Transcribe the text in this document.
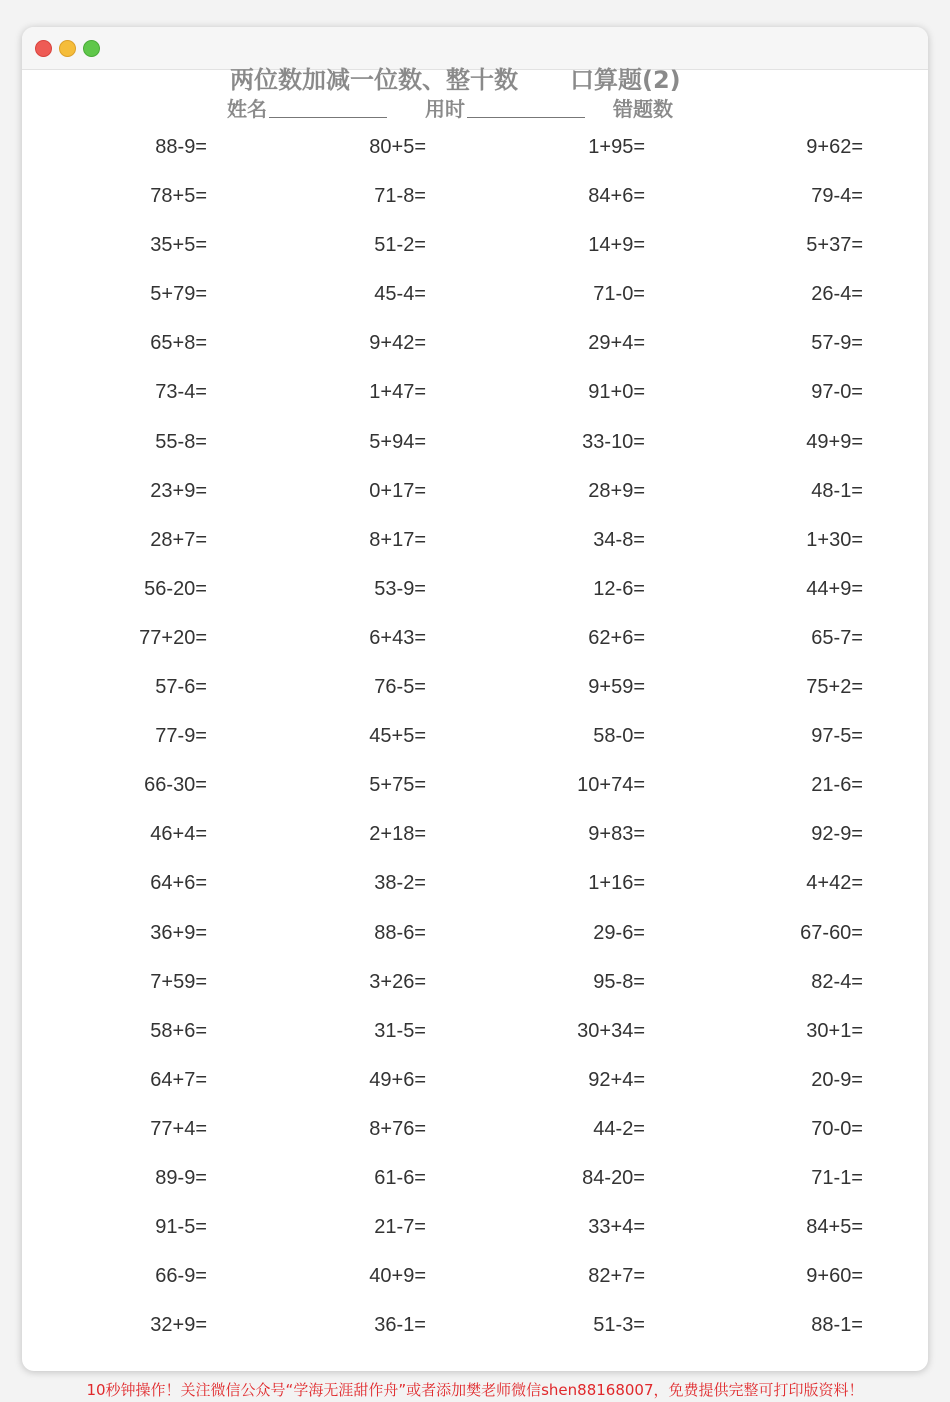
两位数加减一位数、整十数 口算题(2)
姓名	用时	错题数
88-9=	80+5=	1+95=	9+62=
78+5=	71-8=	84+6=	79-4=
35+5=	51-2=	14+9=	5+37=
5+79=	45-4=	71-0=	26-4=
65+8=	9+42=	29+4=	57-9=
73-4=	1+47=	91+0=	97-0=
55-8=	5+94=	33-10=	49+9=
23+9=	0+17=	28+9=	48-1=
28+7=	8+17=	34-8=	1+30=
56-20=	53-9=	12-6=	44+9=
77+20=	6+43=	62+6=	65-7=
57-6=	76-5=	9+59=	75+2=
77-9=	45+5=	58-0=	97-5=
66-30=	5+75=	10+74=	21-6=
46+4=	2+18=	9+83=	92-9=
64+6=	38-2=	1+16=	4+42=
36+9=	88-6=	29-6=	67-60=
7+59=	3+26=	95-8=	82-4=
58+6=	31-5=	30+34=	30+1=
64+7=	49+6=	92+4=	20-9=
77+4=	8+76=	44-2=	70-0=
89-9=	61-6=	84-20=	71-1=
91-5=	21-7=	33+4=	84+5=
66-9=	40+9=	82+7=	9+60=
32+9=	36-1=	51-3=	88-1=
10秒钟操作！关注微信公众号“学海无涯甜作舟”或者添加樊老师微信shen88168007，免费提供完整可打印版资料！
